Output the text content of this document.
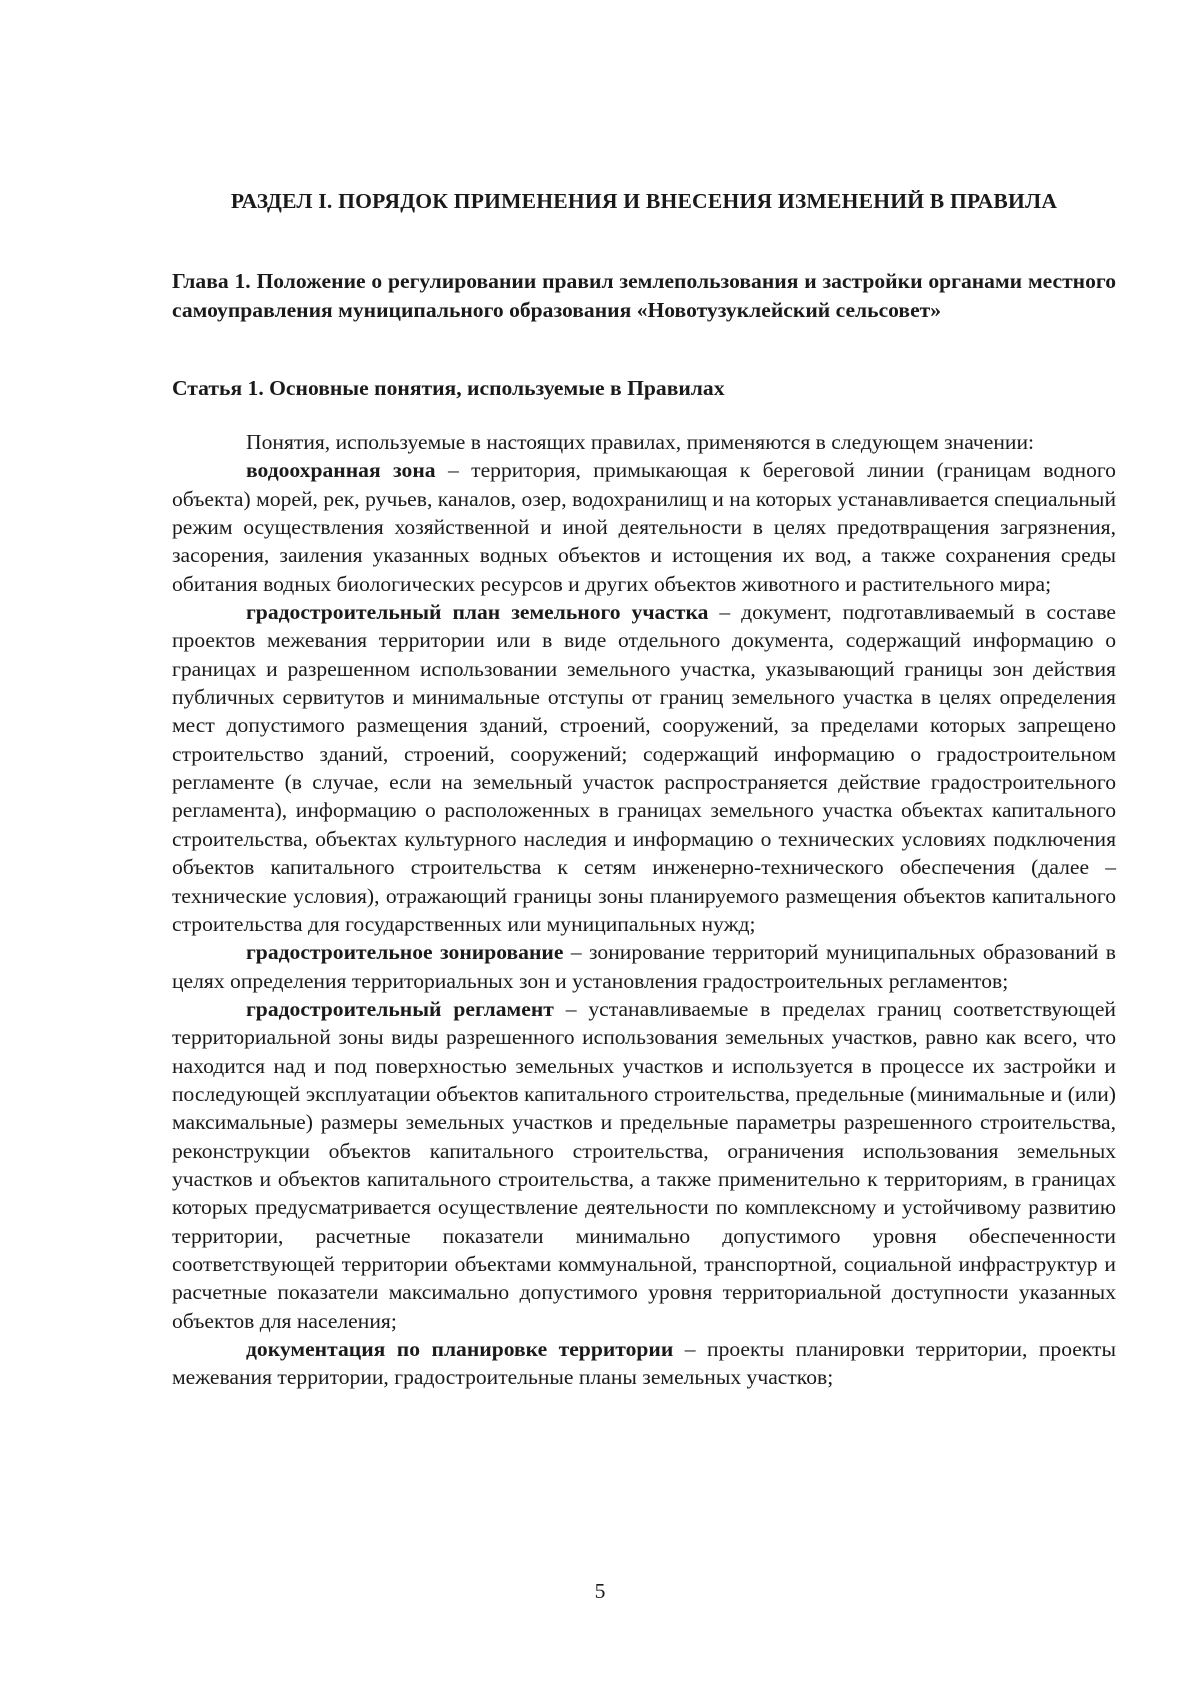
РАЗДЕЛ I. ПОРЯДОК ПРИМЕНЕНИЯ И ВНЕСЕНИЯ ИЗМЕНЕНИЙ В ПРАВИЛА
Глава 1. Положение о регулировании правил землепользования и застройки органами местного самоуправления муниципального образования «Новотузуклейский сельсовет»
Статья 1. Основные понятия, используемые в Правилах

Понятия, используемые в настоящих правилах, применяются в следующем значении:

водоохранная зона – территория, примыкающая к береговой линии (границам водного объекта) морей, рек, ручьев, каналов, озер, водохранилищ и на которых устанавливается специальный режим осуществления хозяйственной и иной деятельности в целях предотвращения загрязнения, засорения, заиления указанных водных объектов и истощения их вод, а также сохранения среды обитания водных биологических ресурсов и других объектов животного и растительного мира;

градостроительный план земельного участка – документ, подготавливаемый в составе проектов межевания территории или в виде отдельного документа, содержащий информацию о границах и разрешенном использовании земельного участка, указывающий границы зон действия публичных сервитутов и минимальные отступы от границ земельного участка в целях определения мест допустимого размещения зданий, строений, сооружений, за пределами которых запрещено строительство зданий, строений, сооружений; содержащий информацию о градостроительном регламенте (в случае, если на земельный участок распространяется действие градостроительного регламента), информацию о расположенных в границах земельного участка объектах капитального строительства, объектах культурного наследия и информацию о технических условиях подключения объектов капитального строительства к сетям инженерно-технического обеспечения (далее – технические условия), отражающий границы зоны планируемого размещения объектов капитального строительства для государственных или муниципальных нужд;

градостроительное зонирование – зонирование территорий муниципальных образований в целях определения территориальных зон и установления градостроительных регламентов;

градостроительный регламент – устанавливаемые в пределах границ соответствующей территориальной зоны виды разрешенного использования земельных участков, равно как всего, что находится над и под поверхностью земельных участков и используется в процессе их застройки и последующей эксплуатации объектов капитального строительства, предельные (минимальные и (или) максимальные) размеры земельных участков и предельные параметры разрешенного строительства, реконструкции объектов капитального строительства, ограничения использования земельных участков и объектов капитального строительства, а также применительно к территориям, в границах которых предусматривается осуществление деятельности по комплексному и устойчивому развитию территории, расчетные показатели минимально допустимого уровня обеспеченности соответствующей территории объектами коммунальной, транспортной, социальной инфраструктур и расчетные показатели максимально допустимого уровня территориальной доступности указанных объектов для населения;

документация по планировке территории – проекты планировки территории, проекты межевания территории, градостроительные планы земельных участков;

5
